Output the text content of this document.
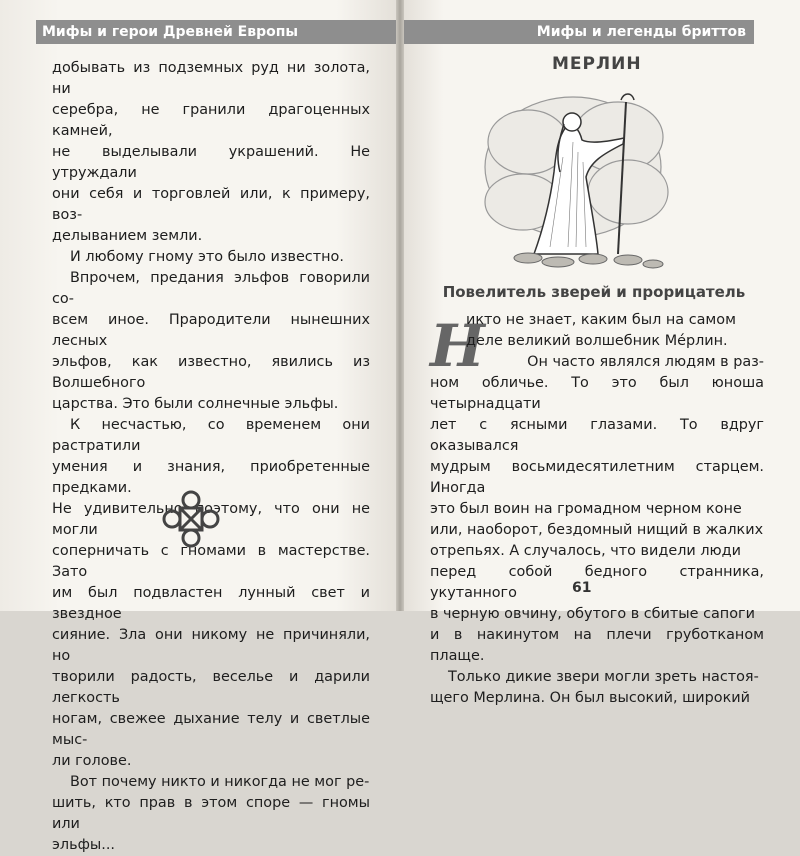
Мифы и герои Древней Европы

добывать из подземных руд ни золота, ни

серебра, не гранили драгоценных камней,

не выделывали украшений. Не утруждали

они себя и торговлей или, к примеру, воз-

делыванием земли.

И любому гному это было известно.

Впрочем, предания эльфов говорили со-

всем иное. Прародители нынешних лесных

эльфов, как известно, явились из Волшебного

царства. Это были солнечные эльфы.

К несчастью, со временем они растратили

умения и знания, приобретенные предками.

Не удивительно поэтому, что они не могли

соперничать с гномами в мастерстве. Зато

им был подвластен лунный свет и звездное

сияние. Зла они никому не причиняли, но

творили радость, веселье и дарили легкость

ногам, свежее дыхание телу и светлые мыс-

ли голове.

Вот почему никто и никогда не мог ре-

шить, кто прав в этом споре — гномы или

эльфы...

Мифы и легенды бриттов
МЕРЛИН
Повелитель зверей и прорицатель
Н

икто не знает, каким был на самом

деле великий волшебник Ме́рлин.

Он часто являлся людям в раз-

ном обличье. То это был юноша четырнадцати

лет с ясными глазами. То вдруг оказывался

мудрым восьмидесятилетним старцем. Иногда

это был воин на громадном черном коне

или, наоборот, бездомный нищий в жалких

отрепьях. А случалось, что видели люди

перед собой бедного странника, укутанного

в черную овчину, обутого в сбитые сапоги

и в накинутом на плечи груботканом плаще.

Только дикие звери могли зреть настоя-

щего Мерлина. Он был высокий, широкий

61
